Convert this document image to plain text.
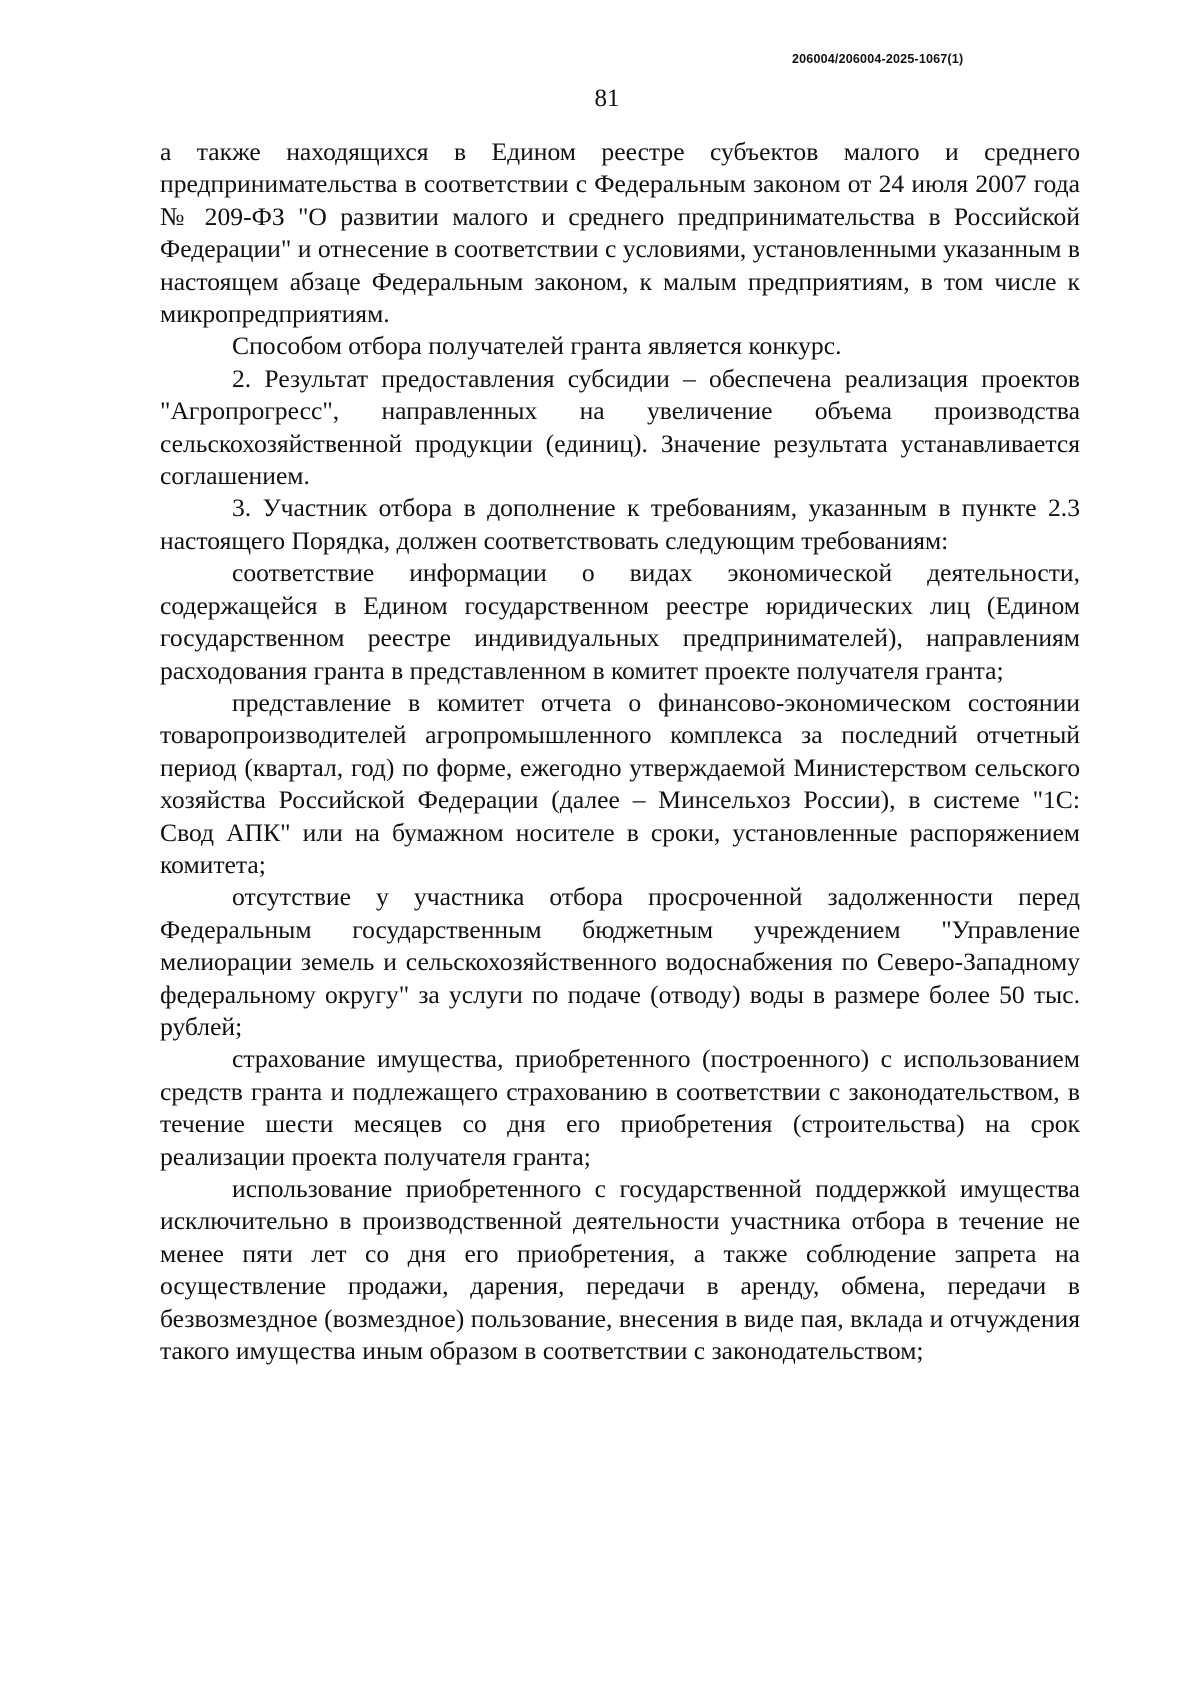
206004/206004-2025-1067(1)
81

а также находящихся в Едином реестре субъектов малого и среднего предпринимательства в соответствии с Федеральным законом от 24 июля 2007 года № 209-ФЗ "О развитии малого и среднего предпринимательства в Российской Федерации" и отнесение в соответствии с условиями, установленными указанным в настоящем абзаце Федеральным законом, к малым предприятиям, в том числе к микропредприятиям.

Способом отбора получателей гранта является конкурс.

2. Результат предоставления субсидии – обеспечена реализация проектов "Агропрогресс", направленных на увеличение объема производства сельскохозяйственной продукции (единиц). Значение результата устанавливается соглашением.

3. Участник отбора в дополнение к требованиям, указанным в пункте 2.3 настоящего Порядка, должен соответствовать следующим требованиям:

соответствие информации о видах экономической деятельности, содержащейся в Едином государственном реестре юридических лиц (Едином государственном реестре индивидуальных предпринимателей), направлениям расходования гранта в представленном в комитет проекте получателя гранта;

представление в комитет отчета о финансово-экономическом состоянии товаропроизводителей агропромышленного комплекса за последний отчетный период (квартал, год) по форме, ежегодно утверждаемой Министерством сельского хозяйства Российской Федерации (далее – Минсельхоз России), в системе "1С: Свод АПК" или на бумажном носителе в сроки, установленные распоряжением комитета;

отсутствие у участника отбора просроченной задолженности перед Федеральным государственным бюджетным учреждением "Управление мелиорации земель и сельскохозяйственного водоснабжения по Северо-Западному федеральному округу" за услуги по подаче (отводу) воды в размере более 50 тыс. рублей;

страхование имущества, приобретенного (построенного) с использованием средств гранта и подлежащего страхованию в соответствии с законодательством, в течение шести месяцев со дня его приобретения (строительства) на срок реализации проекта получателя гранта;

использование приобретенного с государственной поддержкой имущества исключительно в производственной деятельности участника отбора в течение не менее пяти лет со дня его приобретения, а также соблюдение запрета на осуществление продажи, дарения, передачи в аренду, обмена, передачи в безвозмездное (возмездное) пользование, внесения в виде пая, вклада и отчуждения такого имущества иным образом в соответствии с законодательством;
